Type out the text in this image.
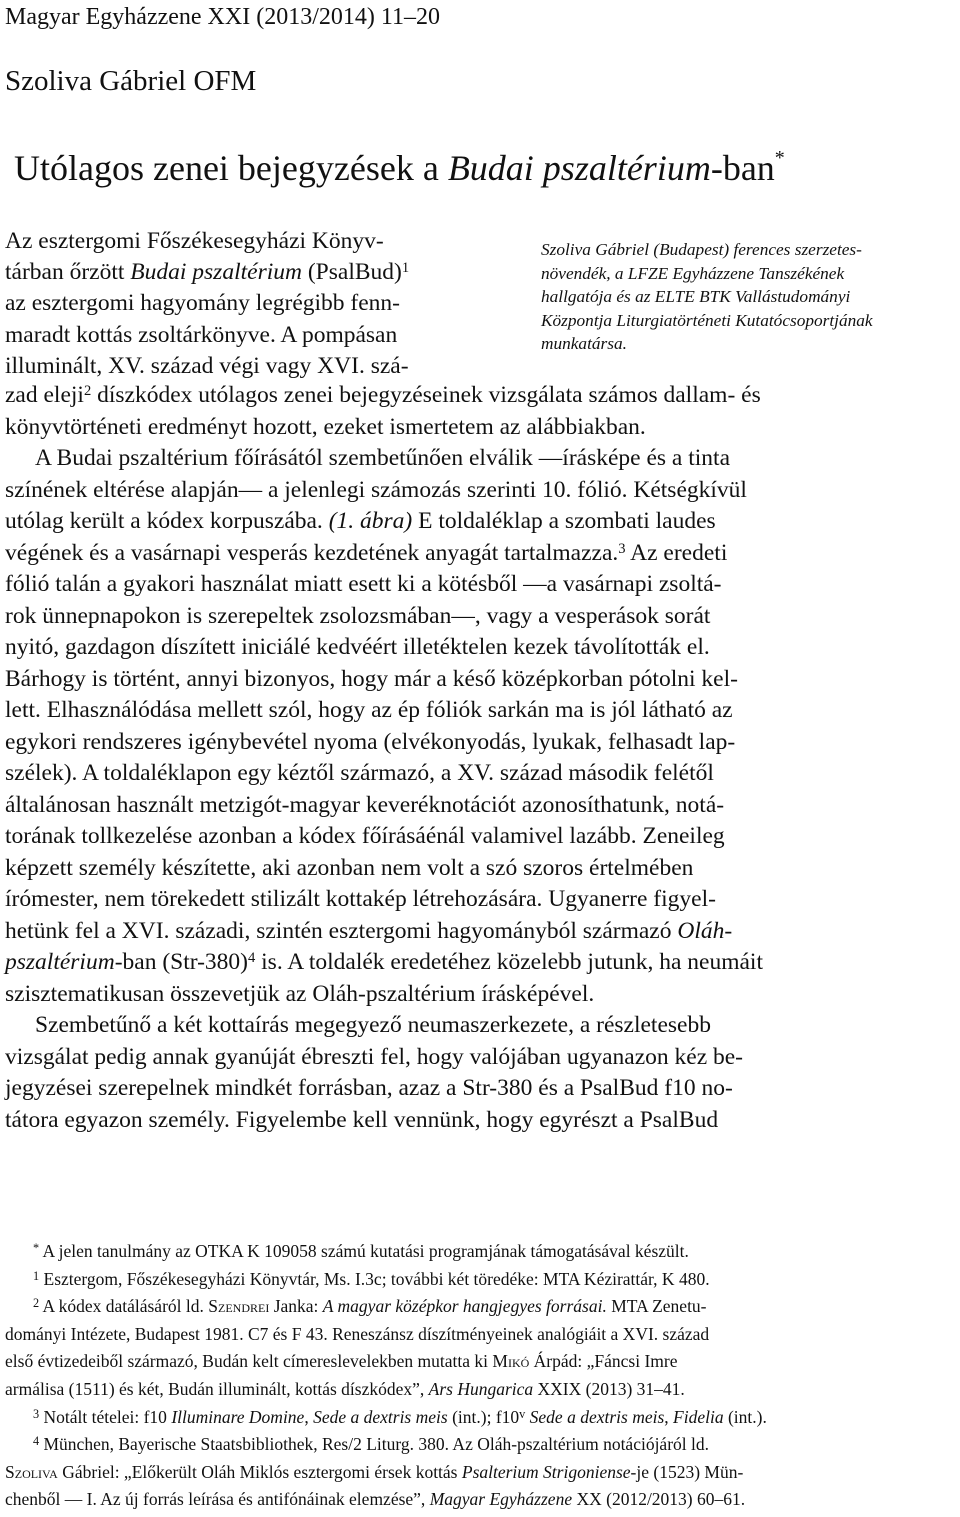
Magyar Egyházzene XXI (2013/2014) 11–20
Szoliva Gábriel OFM
Utólagos zenei bejegyzések a Budai pszaltérium-ban*
Az esztergomi Főszékesegyházi Könyv-
tárban őrzött Budai pszaltérium (PsalBud)$^1$
az esztergomi hagyomány legrégibb fenn-
maradt kottás zsoltárkönyve. A pompásan
illuminált, XV. század végi vagy XVI. szá-
Szoliva Gábriel (Budapest) ferences szerzetes-
növendék, a LFZE Egyházzene Tanszékének
hallgatója és az ELTE BTK Vallástudományi
Központja Liturgiatörténeti Kutatócsoportjának
munkatársa.
zad eleji$^2$ díszkódex utólagos zenei bejegyzéseinek vizsgálata számos dallam- és
könyvtörténeti eredményt hozott, ezeket ismertetem az alábbiakban.
A Budai pszaltérium főírásától szembetűnően elválik —írásképe és a tinta
színének eltérése alapján— a jelenlegi számozás szerinti 10. fólió. Kétségkívül
utólag került a kódex korpuszába. (1. ábra) E toldaléklap a szombati laudes
végének és a vasárnapi vesperás kezdetének anyagát tartalmazza.$^3$ Az eredeti
fólió talán a gyakori használat miatt esett ki a kötésből —a vasárnapi zsoltá-
rok ünnepnapokon is szerepeltek zsolozsmában—, vagy a vesperások sorát
nyitó, gazdagon díszített iniciálé kedvéért illetéktelen kezek távolították el.
Bárhogy is történt, annyi bizonyos, hogy már a késő középkorban pótolni kel-
lett. Elhasználódása mellett szól, hogy az ép fóliók sarkán ma is jól látható az
egykori rendszeres igénybevétel nyoma (elvékonyodás, lyukak, felhasadt lap-
szélek). A toldaléklapon egy kéztől származó, a XV. század második felétől
általánosan használt metzigót-magyar keveréknotációt azonosíthatunk, notá-
torának tollkezelése azonban a kódex főírásáénál valamivel lazább. Zeneileg
képzett személy készítette, aki azonban nem volt a szó szoros értelmében
írómester, nem törekedett stilizált kottakép létrehozására. Ugyanerre figyel-
hetünk fel a XVI. századi, szintén esztergomi hagyományból származó Oláh-
pszaltérium-ban $(Str-380)^4$ is. A toldalék eredetéhez közelebb jutunk, ha neumáit
szisztematikusan összevetjük az Oláh-pszaltérium írásképével.
Szembetűnő a két kottaírás megegyező neumaszerkezete, a részletesebb
vizsgálat pedig annak gyanúját ébreszti fel, hogy valójában ugyanazon kéz be-
jegyzései szerepelnek mindkét forrásban, azaz a Str-380 és a PsalBud f10 no-
tátora egyazon személy. Figyelembe kell vennünk, hogy egyrészt a PsalBud
* A jelen tanulmány az OTKA K 109058 számú kutatási programjának támogatásával készült.
$^1$ Esztergom, Főszékesegyházi Könyvtár, Ms. I.3c; további két töredéke: MTA Kézirattár, K 480.
$^2$ A kódex datálásáról ld. Szendrei Janka: A magyar középkor hangjegyes forrásai. MTA Zenetu-
dományi Intézete, Budapest 1981. C7 és F 43. Reneszánsz díszítményeinek analógiáit a XVI. század
első évtizedeiből származó, Budán kelt címereslevelekben mutatta ki Mikó Árpád: „Fáncsi Imre
armálisa (1511) és két, Budán illuminált, kottás díszkódex”, Ars Hungarica XXIX (2013) 31–41.
$^3$ Notált tételei: f10 Illuminare Domine, Sede a dextris meis (int.); f10$^v$ Sede a dextris meis, Fidelia (int.).
$^4$ München, Bayerische Staatsbibliothek, Res/2 Liturg. 380. Az Oláh-pszaltérium notációjáról ld.
Szoliva Gábriel: „Előkerült Oláh Miklós esztergomi érsek kottás Psalterium Strigoniense-je (1523) Mün-
chenből — I. Az új forrás leírása és antifónáinak elemzése”, Magyar Egyházzene XX (2012/2013) 60–61.
